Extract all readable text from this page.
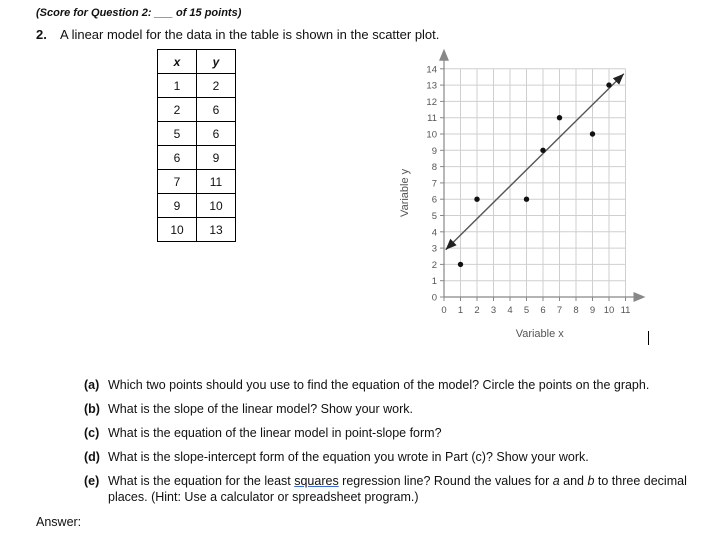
(Score for Question 2: ___ of 15 points)
2. A linear model for the data in the table is shown in the scatter plot.
x	y
1	2
2	6
5	6
6	9
7	11
9	10
10	13
0
1
2
3
4
5
6
7
8
9
10
11
12
13
14
0 1 2 3 4 5 6 7 8 9 10 11
Variable y
Variable x
(a) Which two points should you use to find the equation of the model? Circle the points on the graph.
(b) What is the slope of the linear model? Show your work.
(c) What is the equation of the linear model in point-slope form?
(d) What is the slope-intercept form of the equation you wrote in Part (c)? Show your work.
(e) What is the equation for the least squares regression line? Round the values for a and b to three decimal places. (Hint: Use a calculator or spreadsheet program.)
Answer:
